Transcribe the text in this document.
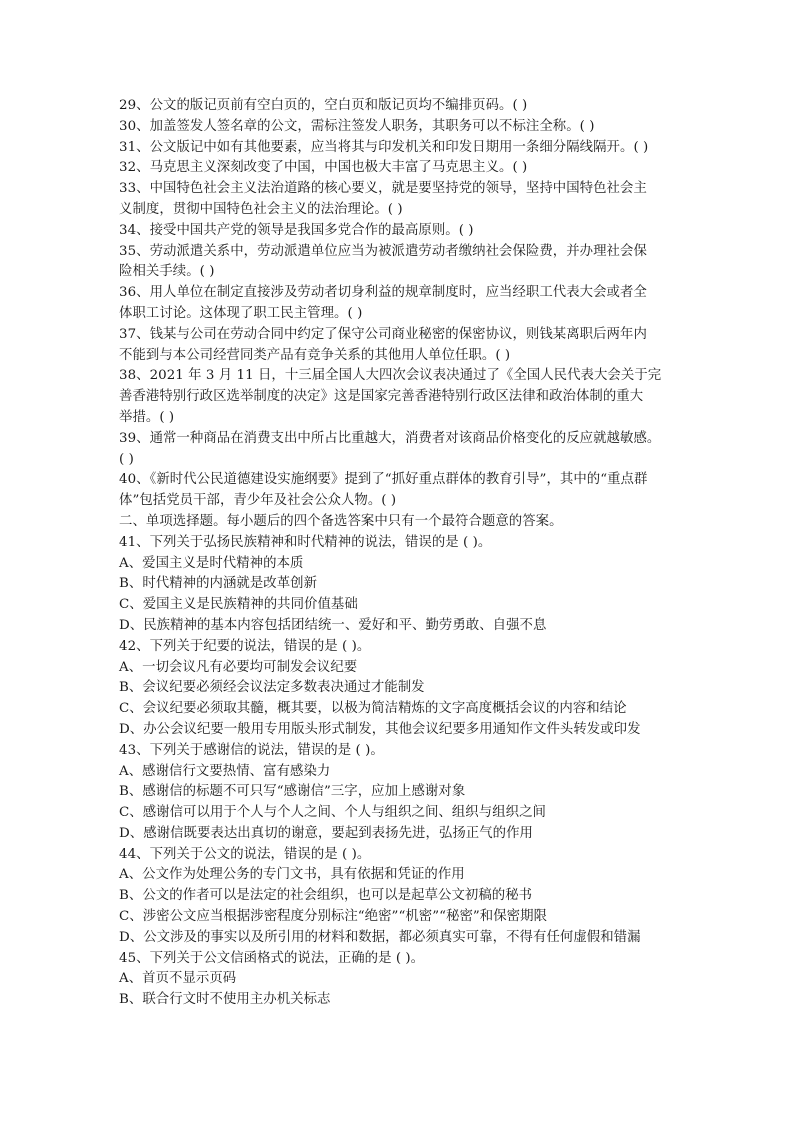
29、公文的版记页前有空白页的，空白页和版记页均不编排页码。( )
30、加盖签发人签名章的公文，需标注签发人职务，其职务可以不标注全称。( )
31、公文版记中如有其他要素，应当将其与印发机关和印发日期用一条细分隔线隔开。( )
32、马克思主义深刻改变了中国，中国也极大丰富了马克思主义。( )
33、中国特色社会主义法治道路的核心要义，就是要坚持党的领导，坚持中国特色社会主
义制度，贯彻中国特色社会主义的法治理论。( )
34、接受中国共产党的领导是我国多党合作的最高原则。( )
35、劳动派遣关系中，劳动派遣单位应当为被派遣劳动者缴纳社会保险费，并办理社会保
险相关手续。( )
36、用人单位在制定直接涉及劳动者切身利益的规章制度时，应当经职工代表大会或者全
体职工讨论。这体现了职工民主管理。( )
37、钱某与公司在劳动合同中约定了保守公司商业秘密的保密协议，则钱某离职后两年内
不能到与本公司经营同类产品有竞争关系的其他用人单位任职。( )
38、2021 年 3 月 11 日，十三届全国人大四次会议表决通过了《全国人民代表大会关于完
善香港特别行政区选举制度的决定》这是国家完善香港特别行政区法律和政治体制的重大
举措。( )
39、通常一种商品在消费支出中所占比重越大，消费者对该商品价格变化的反应就越敏感。
( )
40、《新时代公民道德建设实施纲要》提到了“抓好重点群体的教育引导”，其中的“重点群
体”包括党员干部，青少年及社会公众人物。( )
二、单项选择题。每小题后的四个备选答案中只有一个最符合题意的答案。
41、下列关于弘扬民族精神和时代精神的说法，错误的是 ( )。
A、爱国主义是时代精神的本质
B、时代精神的内涵就是改革创新
C、爱国主义是民族精神的共同价值基础
D、民族精神的基本内容包括团结统一、爱好和平、勤劳勇敢、自强不息
42、下列关于纪要的说法，错误的是 ( )。
A、一切会议凡有必要均可制发会议纪要
B、会议纪要必须经会议法定多数表决通过才能制发
C、会议纪要必须取其髓，概其要，以极为简洁精炼的文字高度概括会议的内容和结论
D、办公会议纪要一般用专用版头形式制发，其他会议纪要多用通知作文件头转发或印发
43、下列关于感谢信的说法，错误的是 ( )。
A、感谢信行文要热情、富有感染力
B、感谢信的标题不可只写“感谢信”三字，应加上感谢对象
C、感谢信可以用于个人与个人之间、个人与组织之间、组织与组织之间
D、感谢信既要表达出真切的谢意，要起到表扬先进，弘扬正气的作用
44、下列关于公文的说法，错误的是 ( )。
A、公文作为处理公务的专门文书，具有依据和凭证的作用
B、公文的作者可以是法定的社会组织，也可以是起草公文初稿的秘书
C、涉密公文应当根据涉密程度分别标注“绝密”“机密”“秘密”和保密期限
D、公文涉及的事实以及所引用的材料和数据，都必须真实可靠，不得有任何虚假和错漏
45、下列关于公文信函格式的说法，正确的是 ( )。
A、首页不显示页码
B、联合行文时不使用主办机关标志
